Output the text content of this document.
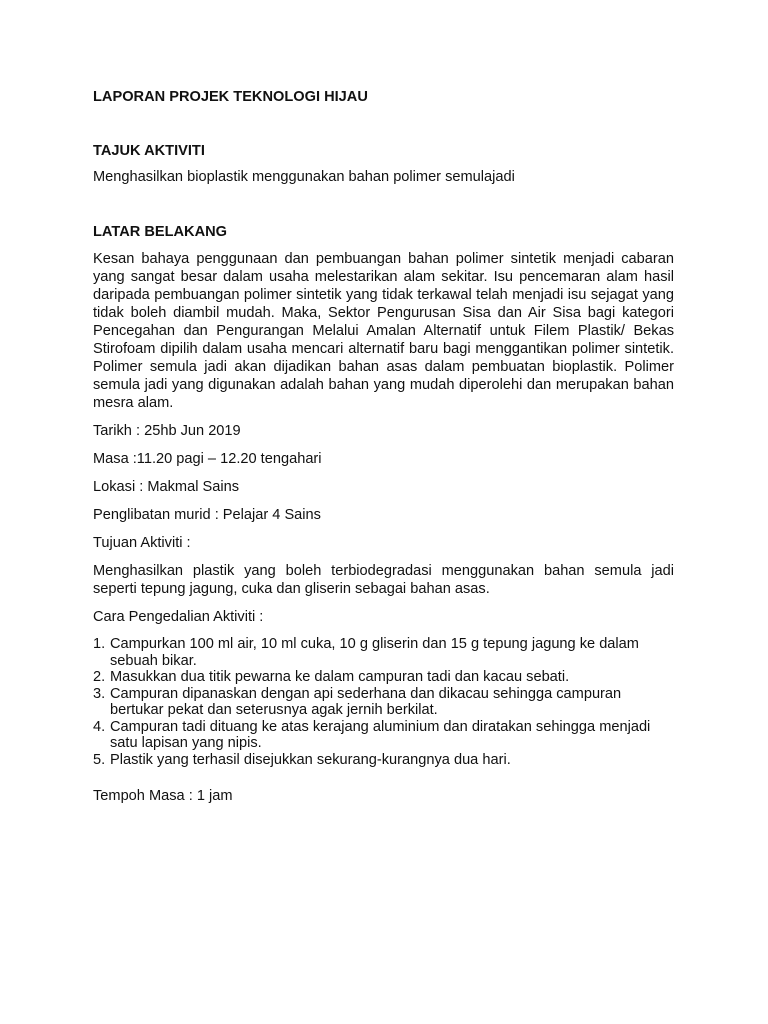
LAPORAN PROJEK TEKNOLOGI HIJAU

TAJUK AKTIVITI

Menghasilkan bioplastik menggunakan bahan polimer semulajadi

LATAR BELAKANG

Kesan bahaya penggunaan dan pembuangan bahan polimer sintetik menjadi cabaran yang sangat besar dalam usaha melestarikan alam sekitar. Isu pencemaran alam hasil daripada pembuangan polimer sintetik yang tidak terkawal telah menjadi isu sejagat yang tidak boleh diambil mudah. Maka, Sektor Pengurusan Sisa dan Air Sisa bagi kategori Pencegahan dan Pengurangan Melalui Amalan Alternatif untuk Filem Plastik/ Bekas Stirofoam dipilih dalam usaha mencari alternatif baru bagi menggantikan polimer sintetik. Polimer semula jadi akan dijadikan bahan asas dalam pembuatan bioplastik. Polimer semula jadi yang digunakan adalah bahan yang mudah diperolehi dan merupakan bahan mesra alam.

Tarikh : 25hb Jun 2019

Masa :11.20 pagi – 12.20 tengahari

Lokasi : Makmal Sains

Penglibatan murid : Pelajar 4 Sains

Tujuan Aktiviti :

Menghasilkan plastik yang boleh terbiodegradasi menggunakan bahan semula jadi seperti tepung jagung, cuka dan gliserin sebagai bahan asas.

Cara Pengedalian Aktiviti :

1. Campurkan 100 ml air, 10 ml cuka, 10 g gliserin dan 15 g tepung jagung ke dalam sebuah bikar.
2. Masukkan dua titik pewarna ke dalam campuran tadi dan kacau sebati.
3. Campuran dipanaskan dengan api sederhana dan dikacau sehingga campuran bertukar pekat dan seterusnya agak jernih berkilat.
4. Campuran tadi dituang ke atas kerajang aluminium dan diratakan sehingga menjadi satu lapisan yang nipis.
5. Plastik yang terhasil disejukkan sekurang-kurangnya dua hari.

Tempoh Masa : 1 jam
